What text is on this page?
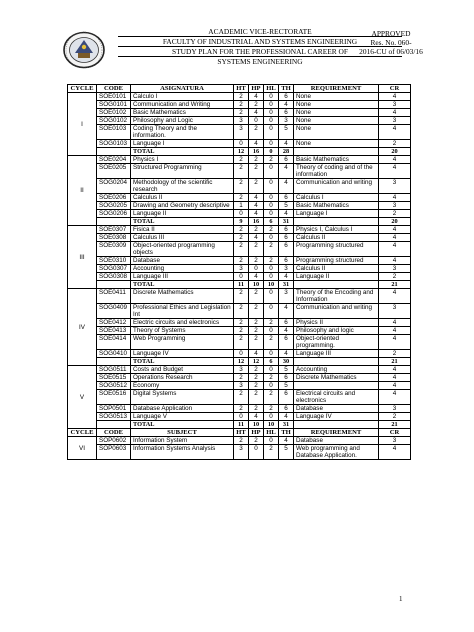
ACADEMIC VICE-RECTORATE
FACULTY OF INDUSTRIAL AND SYSTEMS ENGINEERING
STUDY PLAN FOR THE PROFESSIONAL CAREER OF
SYSTEMS ENGINEERING
APPROVED
Res. No. 060-
2016-CU of 06/03/16
CYCLE	CODE	ASIGNATURA	HT	HP	HL	TH	REQUIREMENT	CR
I	SOE0101	Calculo I	2	4	0	6	None	4
	SOG0101	Communication and Writing	2	2	0	4	None	3
	SOE0102	Basic Mathematics	2	4	0	6	None	4
	SOG0102	Philosophy and Logic	3	0	0	3	None	3
	SOE0103	Coding Theory and the information.	3	2	0	5	None	4
	SOG0103	Language I	0	4	0	4	None	2
		TOTAL	12	16	0	28		20
II	SOE0204	Physics I	2	2	2	6	Basic Mathematics	4
	SOE0205	Structured Programming	2	2	0	4	Theory of coding and of the information	4
	SOG0204	Methodology of the scientific research	2	2	0	4	Communication and writing	3
	SOE0206	Calculus II	2	4	0	6	Calculus I	4
	SOG0205	Drawing and Geometry descriptive	1	4	0	5	Basic Mathematics	3
	SOG0206	Language II	0	4	0	4	Language I	2
		TOTAL	9	16	6	31		20
III	SOE0307	Fisica II	2	2	2	6	Physics I, Calculus I	4
	SOE0308	Calculus III	2	4	0	6	Calculus II	4
	SOE0309	Object-oriented programming objects	2	2	2	6	Programming structured	4
	SOE0310	Database	2	2	2	6	Programming structured	4
	SOG0307	Accounting	3	0	0	3	Calculus II	3
	SOG0308	Language III	0	4	0	4	Language II	2
		TOTAL	11	10	10	31		21
IV	SOE0411	Discrete Mathematics	2	2	0	3	Theory of the Encoding and Information	4
	SOG0409	Professional Ethics and Legislation Int	2	2	0	4	Communication and writing	3
	SOE0412	Electric circuits and electronics	2	2	2	6	Physics II	4
	SOE0413	Theory of Systems	2	2	0	4	Philosophy and logic	4
	SOE0414	Web Programming	2	2	2	6	Object-oriented programming.	4
	SOG0410	Language IV	0	4	0	4	Language III	2
		TOTAL	12	12	6	30		21
V	SOG0511	Costs and Budget	3	2	0	5	Accounting	4
	SOE0515	Operations Research	2	2	2	6	Discrete Mathematics	4
	SOG0512	Economy	3	2	0	5		4
	SOE0516	Digital Systems	2	2	2	6	Electrical circuits and electronics	4
	SOP0501	Database Application	2	2	2	6	Database	3
	SOG0513	Language V	0	4	0	4	Language IV	2
		TOTAL	11	10	10	31		21
CYCLE	CODE	SUBJECT	HT	HP	HL	TH	REQUIREMENT	CR
VI	SOP0602	Information System	2	2	0	4	Database	3
	SOP0603	Information Systems Analysis	3	0	2	5	Web programming and Database Application.	4
1
